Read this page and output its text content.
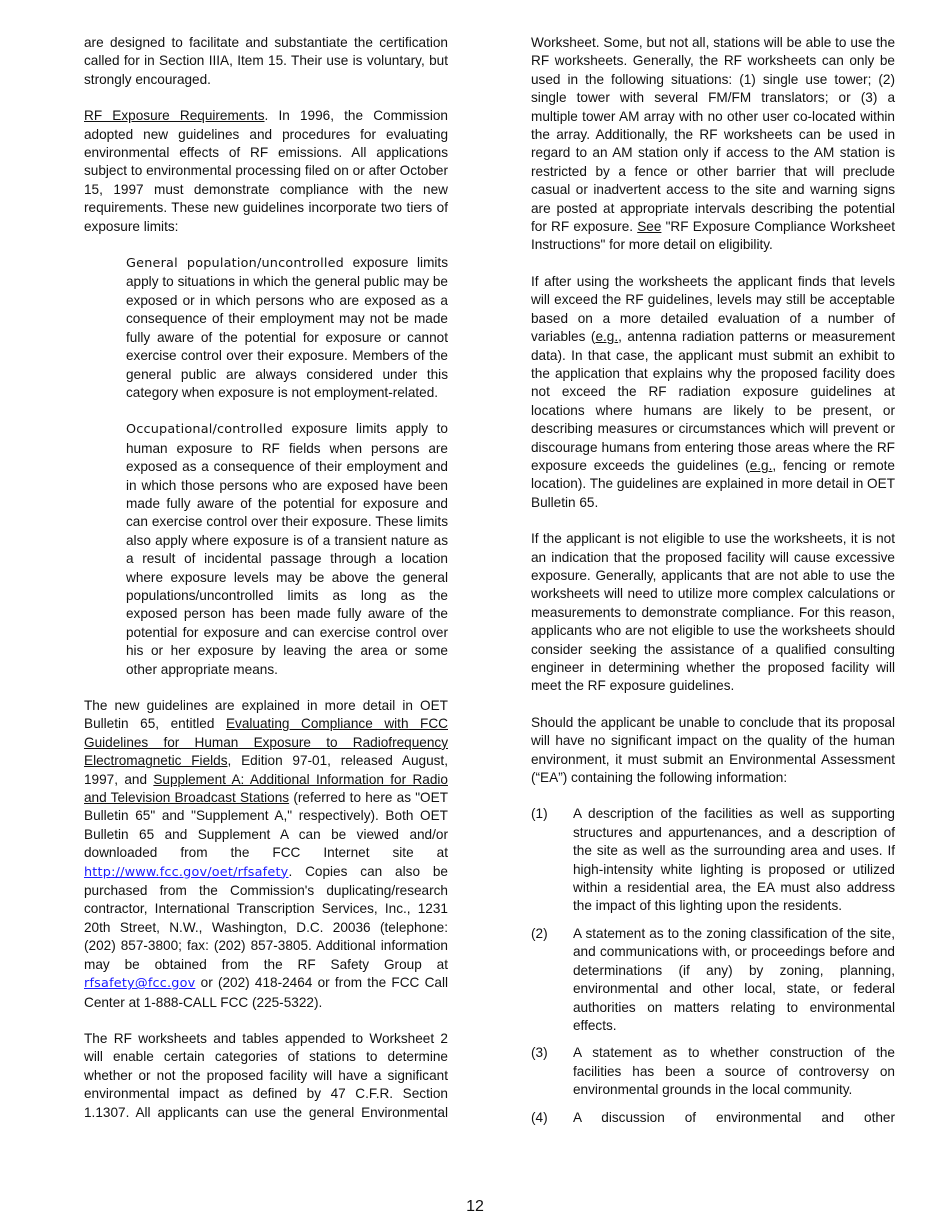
are designed to facilitate and substantiate the certification called for in Section IIIA, Item 15. Their use is voluntary, but strongly encouraged.

RF Exposure Requirements. In 1996, the Commission adopted new guidelines and procedures for evaluating environmental effects of RF emissions. All applications subject to environmental processing filed on or after October 15, 1997 must demonstrate compliance with the new requirements. These new guidelines incorporate two tiers of exposure limits:

General population/uncontrolled exposure limits apply to situations in which the general public may be exposed or in which persons who are exposed as a consequence of their employment may not be made fully aware of the potential for exposure or cannot exercise control over their exposure. Members of the general public are always considered under this category when exposure is not employment-related.

Occupational/controlled exposure limits apply to human exposure to RF fields when persons are exposed as a consequence of their employment and in which those persons who are exposed have been made fully aware of the potential for exposure and can exercise control over their exposure. These limits also apply where exposure is of a transient nature as a result of incidental passage through a location where exposure levels may be above the general populations/uncontrolled limits as long as the exposed person has been made fully aware of the potential for exposure and can exercise control over his or her exposure by leaving the area or some other appropriate means.

The new guidelines are explained in more detail in OET Bulletin 65, entitled Evaluating Compliance with FCC Guidelines for Human Exposure to Radiofrequency Electromagnetic Fields, Edition 97-01, released August, 1997, and Supplement A: Additional Information for Radio and Television Broadcast Stations (referred to here as "OET Bulletin 65" and "Supplement A," respectively). Both OET Bulletin 65 and Supplement A can be viewed and/or downloaded from the FCC Internet site at http://www.fcc.gov/oet/rfsafety. Copies can also be purchased from the Commission's duplicating/research contractor, International Transcription Services, Inc., 1231 20th Street, N.W., Washington, D.C. 20036 (telephone: (202) 857-3800; fax: (202) 857-3805. Additional information may be obtained from the RF Safety Group at rfsafety@fcc.gov or (202) 418-2464 or from the FCC Call Center at 1-888-CALL FCC (225-5322).

The RF worksheets and tables appended to Worksheet 2 will enable certain categories of stations to determine whether or not the proposed facility will have a significant environmental impact as defined by 47 C.F.R. Section 1.1307. All applicants can use the general Environmental

Worksheet. Some, but not all, stations will be able to use the RF worksheets. Generally, the RF worksheets can only be used in the following situations: (1) single use tower; (2) single tower with several FM/FM translators; or (3) a multiple tower AM array with no other user co-located within the array. Additionally, the RF worksheets can be used in regard to an AM station only if access to the AM station is restricted by a fence or other barrier that will preclude casual or inadvertent access to the site and warning signs are posted at appropriate intervals describing the potential for RF exposure. See "RF Exposure Compliance Worksheet Instructions" for more detail on eligibility.

If after using the worksheets the applicant finds that levels will exceed the RF guidelines, levels may still be acceptable based on a more detailed evaluation of a number of variables (e.g., antenna radiation patterns or measurement data). In that case, the applicant must submit an exhibit to the application that explains why the proposed facility does not exceed the RF radiation exposure guidelines at locations where humans are likely to be present, or describing measures or circumstances which will prevent or discourage humans from entering those areas where the RF exposure exceeds the guidelines (e.g., fencing or remote location). The guidelines are explained in more detail in OET Bulletin 65.

If the applicant is not eligible to use the worksheets, it is not an indication that the proposed facility will cause excessive exposure. Generally, applicants that are not able to use the worksheets will need to utilize more complex calculations or measurements to demonstrate compliance. For this reason, applicants who are not eligible to use the worksheets should consider seeking the assistance of a qualified consulting engineer in determining whether the proposed facility will meet the RF exposure guidelines.

Should the applicant be unable to conclude that its proposal will have no significant impact on the quality of the human environment, it must submit an Environmental Assessment (“EA”) containing the following information:

(1)	A description of the facilities as well as supporting structures and appurtenances, and a description of the site as well as the surrounding area and uses. If high-intensity white lighting is proposed or utilized within a residential area, the EA must also address the impact of this lighting upon the residents.
(2)	A statement as to the zoning classification of the site, and communications with, or proceedings before and determinations (if any) by zoning, planning, environmental and other local, state, or federal authorities on matters relating to environmental effects.
(3)	A statement as to whether construction of the facilities has been a source of controversy on environmental grounds in the local community.
(4)	A discussion of environmental and other
12
